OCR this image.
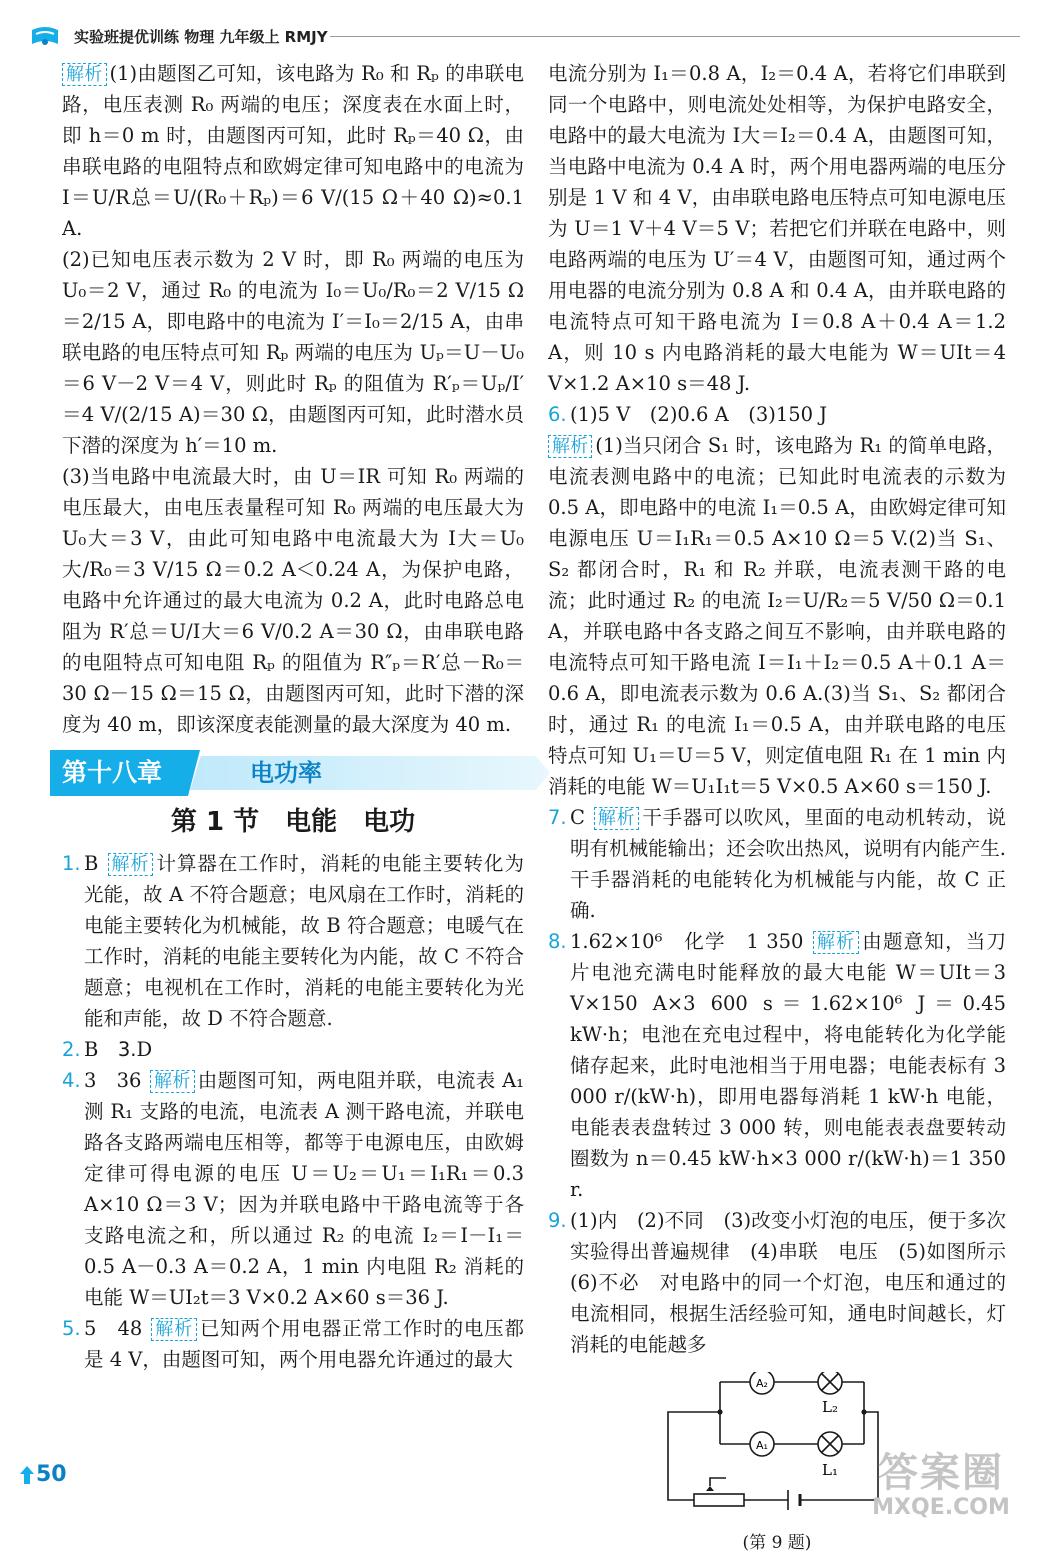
实验班提优训练 物理 九年级上 RMJY

解析 (1)由题图乙可知，该电路为 R₀ 和 Rₚ 的串联电路，电压表测 R₀ 两端的电压；深度表在水面上时，即 h＝0 m 时，由题图丙可知，此时 Rₚ＝40 Ω，由串联电路的电阻特点和欧姆定律可知电路中的电流为 I＝U/R总＝U/(R₀＋Rₚ)＝6 V/(15 Ω＋40 Ω)≈0.1 A.

(2)已知电压表示数为 2 V 时，即 R₀ 两端的电压为 U₀＝2 V，通过 R₀ 的电流为 I₀＝U₀/R₀＝2 V/15 Ω＝2/15 A，即电路中的电流为 I′＝I₀＝2/15 A，由串联电路的电压特点可知 Rₚ 两端的电压为 Uₚ＝U－U₀＝6 V－2 V＝4 V，则此时 Rₚ 的阻值为 R′ₚ＝Uₚ/I′＝4 V/(2/15 A)＝30 Ω，由题图丙可知，此时潜水员下潜的深度为 h′＝10 m.

(3)当电路中电流最大时，由 U＝IR 可知 R₀ 两端的电压最大，由电压表量程可知 R₀ 两端的电压最大为 U₀大＝3 V，由此可知电路中电流最大为 I大＝U₀大/R₀＝3 V/15 Ω＝0.2 A＜0.24 A，为保护电路，电路中允许通过的最大电流为 0.2 A，此时电路总电阻为 R′总＝U/I大＝6 V/0.2 A＝30 Ω，由串联电路的电阻特点可知电阻 Rₚ 的阻值为 R″ₚ＝R′总－R₀＝30 Ω－15 Ω＝15 Ω，由题图丙可知，此时下潜的深度为 40 m，即该深度表能测量的最大深度为 40 m.

第十八章	电功率
第 1 节　电能　电功

1. B 解析 计算器在工作时，消耗的电能主要转化为光能，故 A 不符合题意；电风扇在工作时，消耗的电能主要转化为机械能，故 B 符合题意；电暖气在工作时，消耗的电能主要转化为内能，故 C 不符合题意；电视机在工作时，消耗的电能主要转化为光能和声能，故 D 不符合题意.

2. B  3.D

4. 3　36 解析 由题图可知，两电阻并联，电流表 A₁ 测 R₁ 支路的电流，电流表 A 测干路电流，并联电路各支路两端电压相等，都等于电源电压，由欧姆定律可得电源的电压 U＝U₂＝U₁＝I₁R₁＝0.3 A×10 Ω＝3 V；因为并联电路中干路电流等于各支路电流之和，所以通过 R₂ 的电流 I₂＝I－I₁＝0.5 A－0.3 A＝0.2 A，1 min 内电阻 R₂ 消耗的电能 W＝UI₂t＝3 V×0.2 A×60 s＝36 J.

5. 5　48 解析 已知两个用电器正常工作时的电压都是 4 V，由题图可知，两个用电器允许通过的最大

电流分别为 I₁＝0.8 A，I₂＝0.4 A，若将它们串联到同一个电路中，则电流处处相等，为保护电路安全，电路中的最大电流为 I大＝I₂＝0.4 A，由题图可知，当电路中电流为 0.4 A 时，两个用电器两端的电压分别是 1 V 和 4 V，由串联电路电压特点可知电源电压为 U＝1 V＋4 V＝5 V；若把它们并联在电路中，则电路两端的电压为 U′＝4 V，由题图可知，通过两个用电器的电流分别为 0.8 A 和 0.4 A，由并联电路的电流特点可知干路电流为 I＝0.8 A＋0.4 A＝1.2 A，则 10 s 内电路消耗的最大电能为 W＝UIt＝4 V×1.2 A×10 s＝48 J.

6. (1)5 V　(2)0.6 A　(3)150 J

解析 (1)当只闭合 S₁ 时，该电路为 R₁ 的简单电路，电流表测电路中的电流；已知此时电流表的示数为 0.5 A，即电路中的电流 I₁＝0.5 A，由欧姆定律可知电源电压 U＝I₁R₁＝0.5 A×10 Ω＝5 V.(2)当 S₁、S₂ 都闭合时，R₁ 和 R₂ 并联，电流表测干路的电流；此时通过 R₂ 的电流 I₂＝U/R₂＝5 V/50 Ω＝0.1 A，并联电路中各支路之间互不影响，由并联电路的电流特点可知干路电流 I＝I₁＋I₂＝0.5 A＋0.1 A＝0.6 A，即电流表示数为 0.6 A.(3)当 S₁、S₂ 都闭合时，通过 R₁ 的电流 I₁＝0.5 A，由并联电路的电压特点可知 U₁＝U＝5 V，则定值电阻 R₁ 在 1 min 内消耗的电能 W＝U₁I₁t＝5 V×0.5 A×60 s＝150 J.

7. C 解析 干手器可以吹风，里面的电动机转动，说明有机械能输出；还会吹出热风，说明有内能产生.干手器消耗的电能转化为机械能与内能，故 C 正确.

8. 1.62×10⁶　化学　1 350 解析 由题意知，当刀片电池充满电时能释放的最大电能 W＝UIt＝3 V×150 A×3 600 s＝1.62×10⁶ J＝0.45 kW·h；电池在充电过程中，将电能转化为化学能储存起来，此时电池相当于用电器；电能表标有 3 000 r/(kW·h)，即用电器每消耗 1 kW·h 电能，电能表表盘转过 3 000 转，则电能表表盘要转动圈数为 n＝0.45 kW·h×3 000 r/(kW·h)＝1 350 r.

9. (1)内　(2)不同　(3)改变小灯泡的电压，便于多次实验得出普遍规律　(4)串联　电压　(5)如图所示　(6)不必　对电路中的同一个灯泡，电压和通过的电流相同，根据生活经验可知，通电时间越长，灯消耗的电能越多

A₂
A₁
L₂
L₁
(第 9 题)
50	答案圈
MXQE.COM
